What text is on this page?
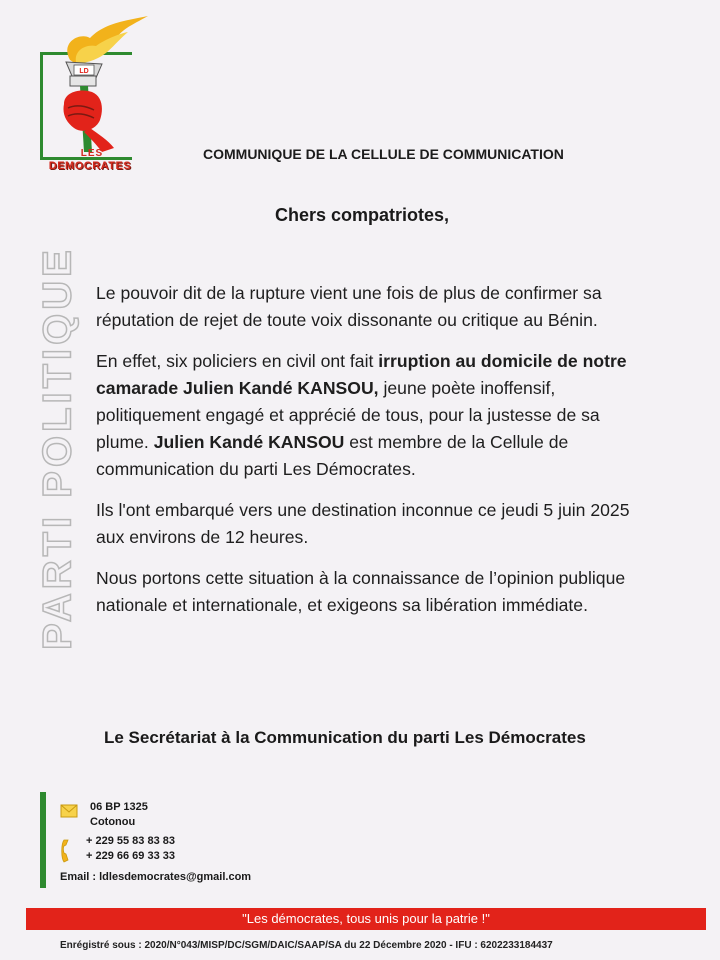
LD
LES
DEMOCRATES
PARTI POLITIQUE
COMMUNIQUE DE LA CELLULE DE COMMUNICATION
Chers compatriotes,

Le pouvoir dit de la rupture vient une fois de plus de confirmer sa réputation de rejet de toute voix dissonante ou critique au Bénin.

En effet, six policiers en civil ont fait irruption au domicile de notre camarade Julien Kandé KANSOU, jeune poète inoffensif, politiquement engagé et apprécié de tous, pour la justesse de sa plume. Julien Kandé KANSOU est membre de la Cellule de communication du parti Les Démocrates.

Ils l'ont embarqué vers une destination inconnue ce jeudi 5 juin 2025 aux environs de 12 heures.

Nous portons cette situation à la connaissance de l’opinion publique nationale et internationale, et exigeons sa libération immédiate.

Le Secrétariat à la Communication du parti Les Démocrates
06 BP 1325
Cotonou
+ 229 55 83 83 83
+ 229 66 69 33 33
Email : ldlesdemocrates@gmail.com
"Les démocrates, tous unis pour la patrie !"
Enrégistré sous : 2020/N°043/MISP/DC/SGM/DAIC/SAAP/SA du 22 Décembre 2020 - IFU : 6202233184437
